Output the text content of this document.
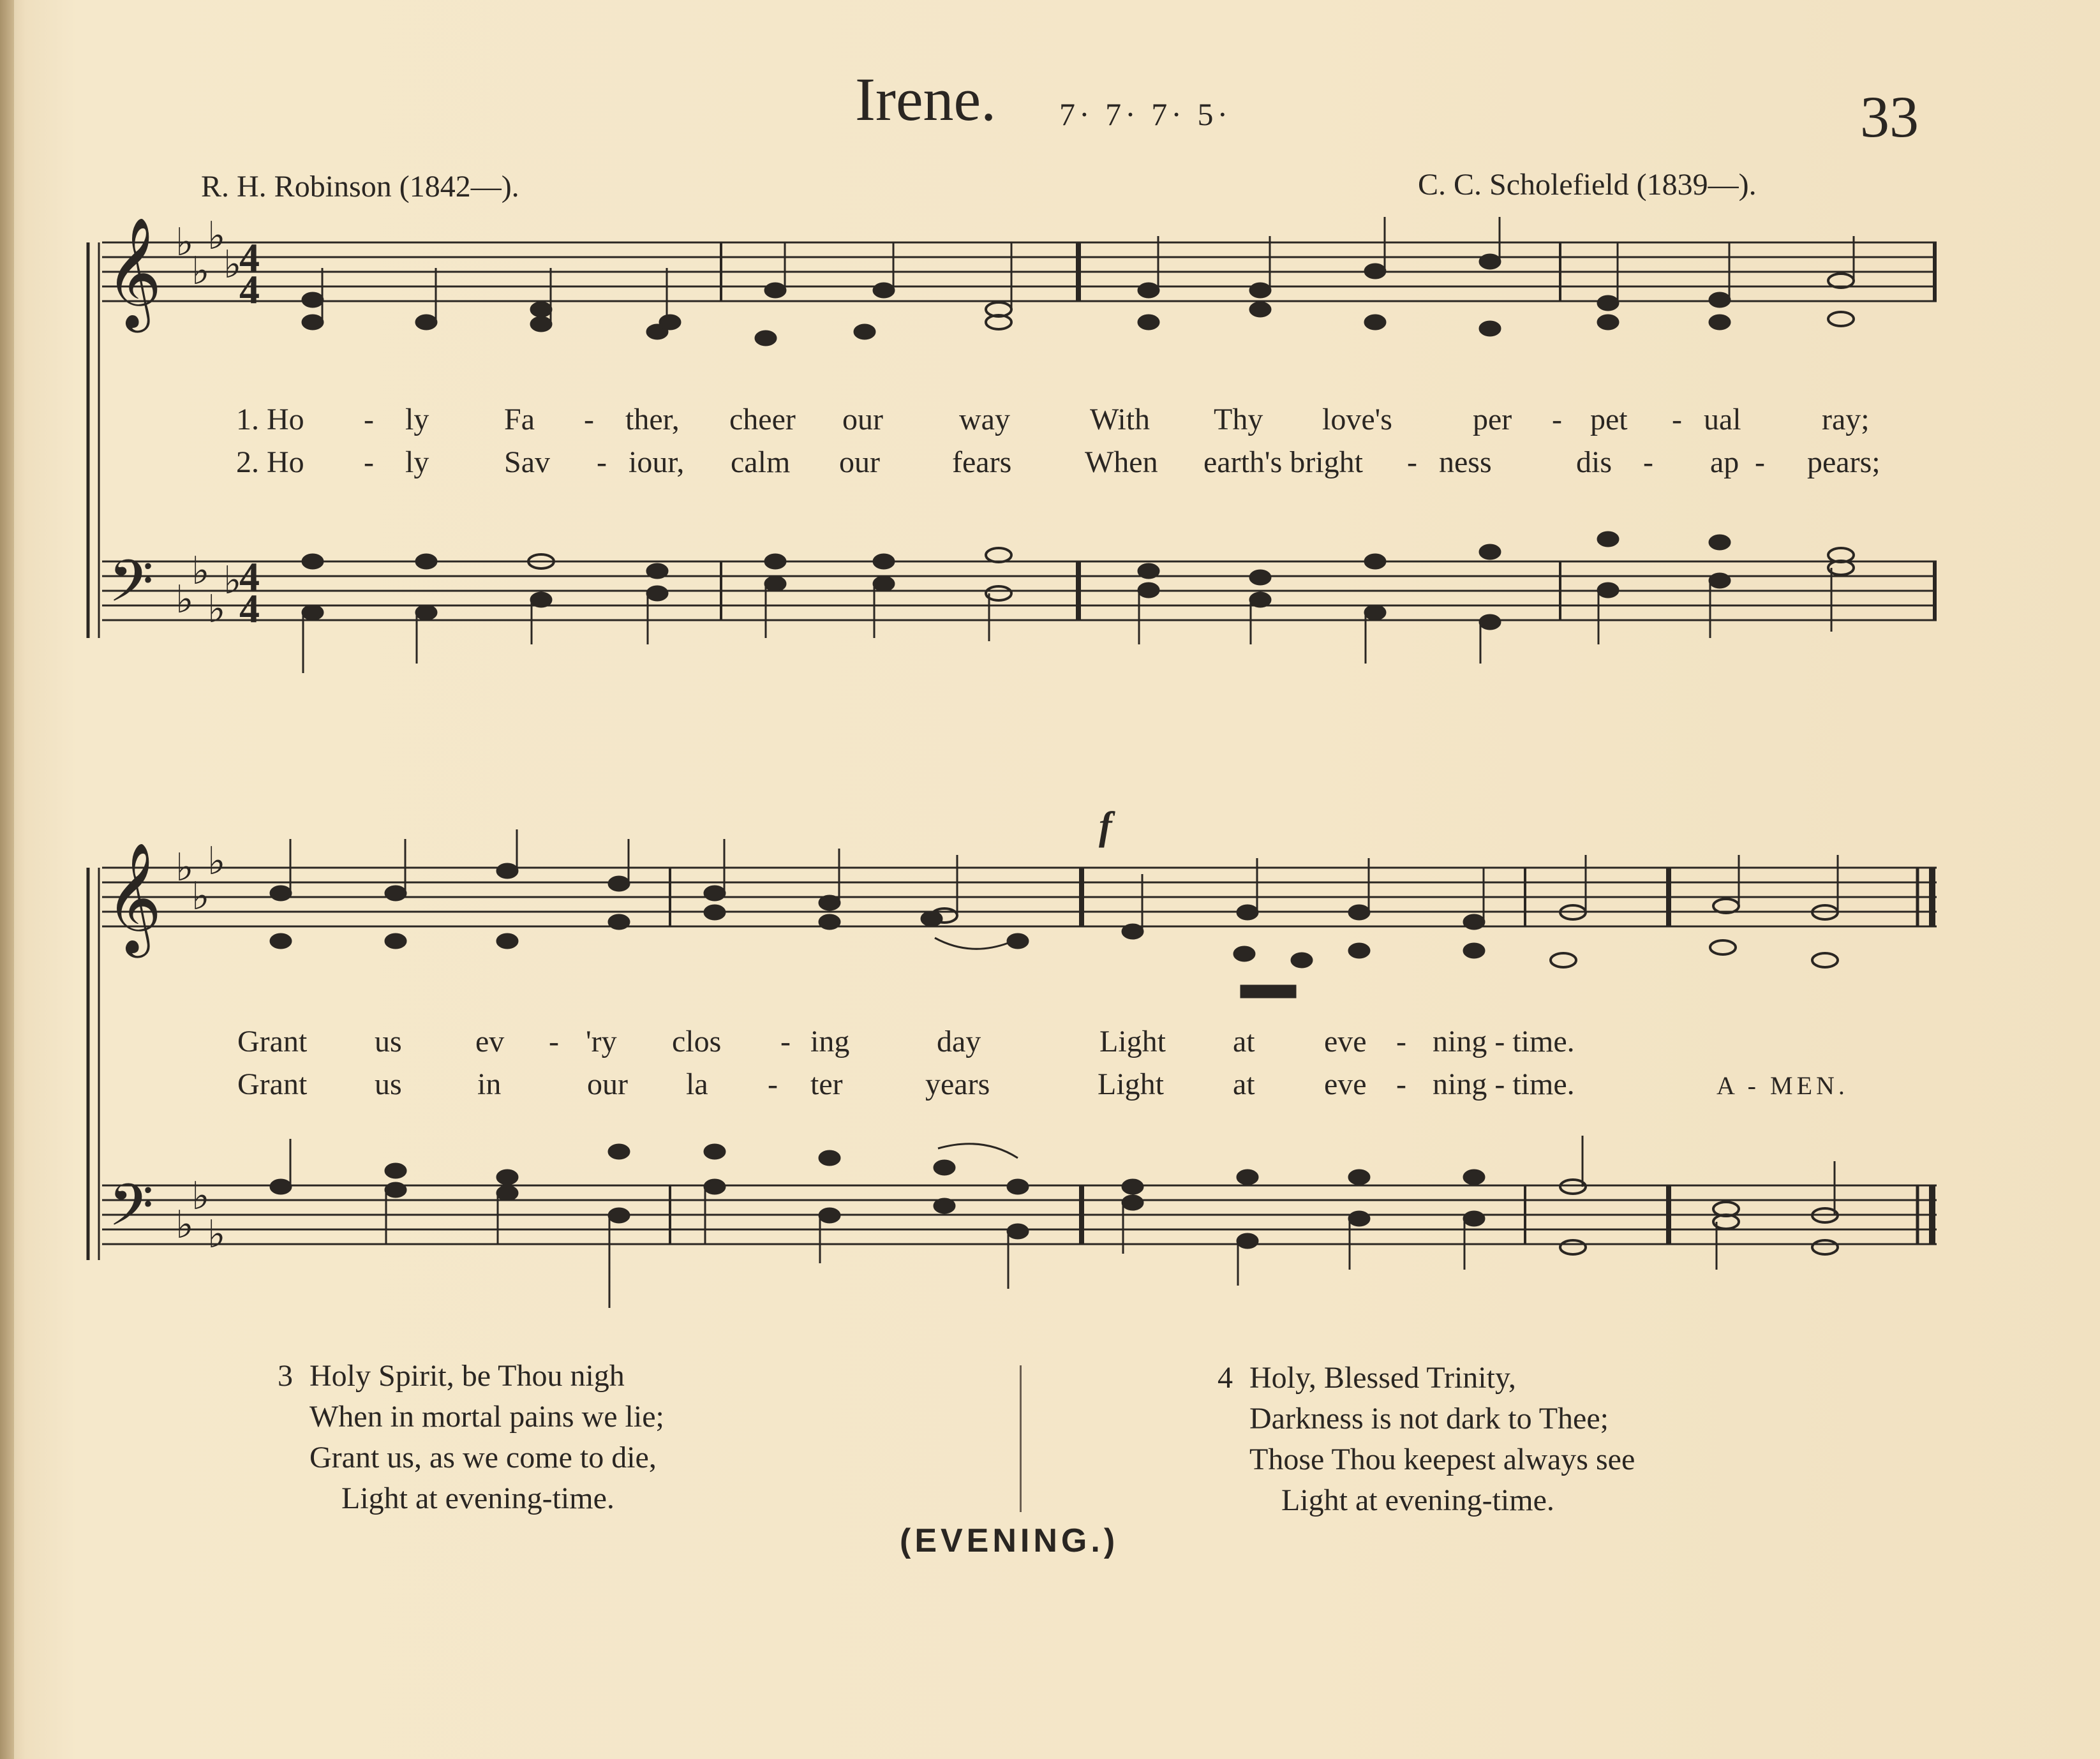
Irene. 7· 7· 7· 5·	33
R. H. Robinson (1842—).	C. C. Scholefield (1839—).
𝄞
𝄢
♭
♭
♭
♭
♭
♭
♭
♭
4
4
4
4
1. Ho - ly Fa - ther, cheer our way	With Thy love's	per - pet - ual	ray;
2. Ho - ly Sav - iour, calm our fears When earth's bright - ness	dis - ap - pears;
𝄞
𝄢
♭
♭
♭
♭
♭
♭
f
Grant us ev - 'ry clos - ing	day	Light at eve - ning - time.
Grant us in	our la - ter	years	Light at eve - ning - time.	A - MEN.
3 Holy Spirit, be Thou nigh
When in mortal pains we lie;
Grant us, as we come to die,
Light at evening-time.
4 Holy, Blessed Trinity,
Darkness is not dark to Thee;
Those Thou keepest always see
Light at evening-time.
(EVENING.)
